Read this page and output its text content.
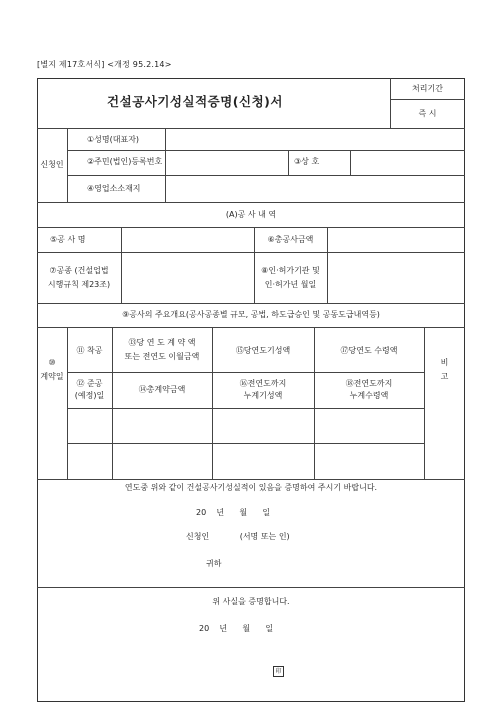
[별지 제17호서식] <개정 95.2.14>
건설공사기성실적증명(신청)서
처리기간
즉 시
신청인
①성명(대표자)
②주민(법인)등록번호	③상 호
④영업소소재지
(A)공 사 내 역
⑤공 사 명	⑥총공사금액
⑦공종 (건설업법
시행규칙 제23조)
⑧인·허가기관 및
인·허가년 월일
⑨공사의 주요개요(공사공종별 규모, 공법, 하도급승인 및 공동도급내역등)
⑩
계약일
⑪ 착공
⑫ 준공
(예정)일
⑬당 연 도 계 약 액
또는 전연도 이월금액
⑭총계약금액
⑮당연도기성액
⑯전연도까지
누계기성액
⑰당연도 수령액
⑱전연도까지
누계수령액
비
고
연도중 위와 같이 건설공사기성실적이 있음을 증명하여 주시기 바랍니다.
20    년      월      일
신청인            (서명 또는 인)
귀하
위 사실을 증명합니다.
20    년      월      일
印
